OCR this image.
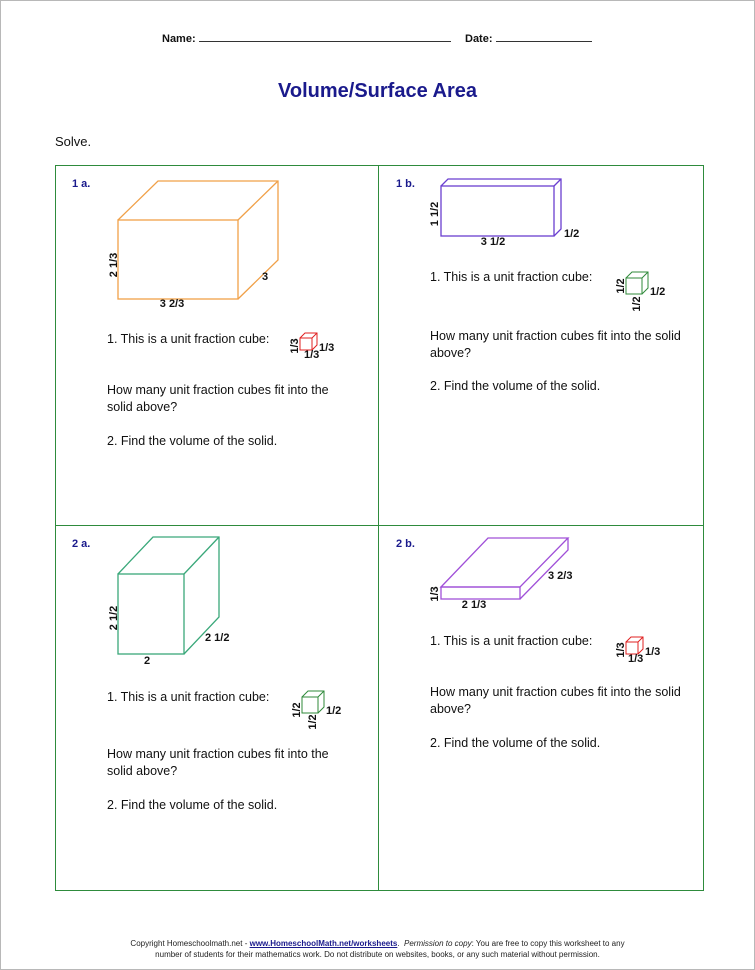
Name:	Date:
Volume/Surface Area
Solve.
1 a.
2 1/3	3
3 2/3
1. This is a unit fraction cube:	1/3 1/3
1/3
How many unit fraction cubes fit into the solid above?
2. Find the volume of the solid.
1 b.
1 1/2
1/2
3 1/2
1. This is a unit fraction cube:
1/2 1/2
1/2
How many unit fraction cubes fit into the solid above?
2. Find the volume of the solid.
2 a.
2 1/2
2 1/2
2
1. This is a unit fraction cube:
1/2 1/2
1/2
How many unit fraction cubes fit into the solid above?
2. Find the volume of the solid.
2 b.
1/3
3 2/3
2 1/3
1. This is a unit fraction cube:
1/3 1/3
1/3
How many unit fraction cubes fit into the solid above?
2. Find the volume of the solid.
Copyright Homeschoolmath.net - www.HomeschoolMath.net/worksheets.  Permission to copy: You are free to copy this worksheet to any
number of students for their mathematics work. Do not distribute on websites, books, or any such material without permission.
